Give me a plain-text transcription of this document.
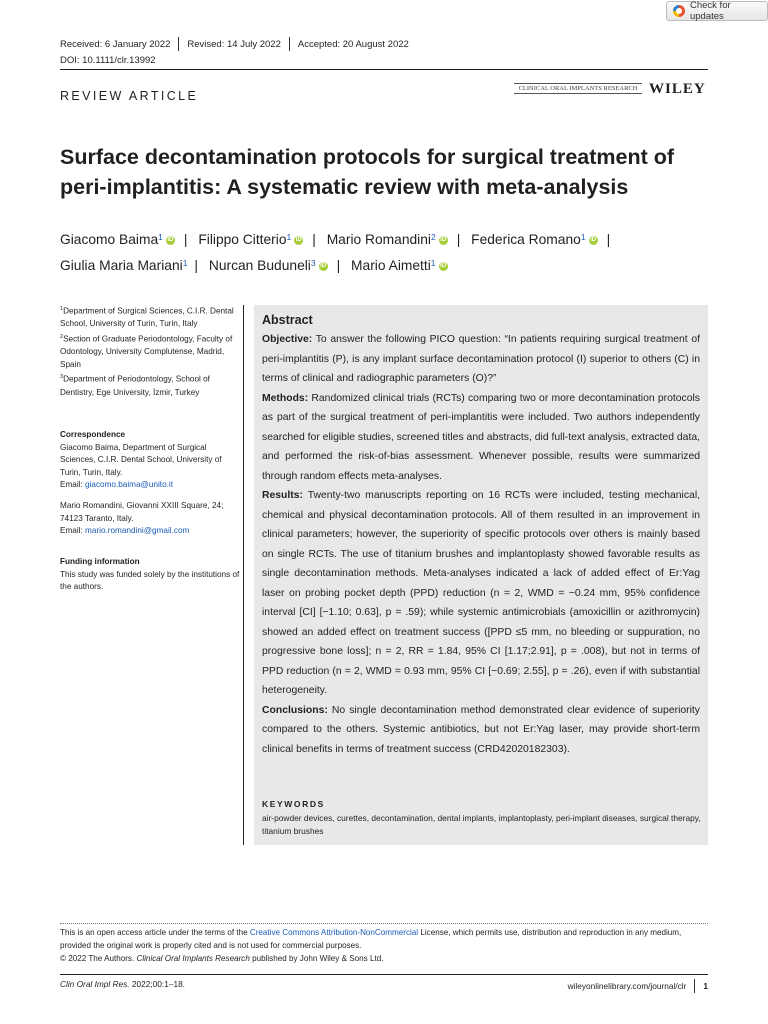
Check for updates
Received: 6 January 2022 Revised: 14 July 2022 Accepted: 20 August 2022
DOI: 10.1111/clr.13992
REVIEW ARTICLE
CLINICAL ORAL IMPLANTS RESEARCH WILEY
Surface decontamination protocols for surgical treatment of peri-implantitis: A systematic review with meta-analysis
Giacomo Baima$^1$ iD | Filippo Citterio$^1$ iD | Mario Romandini$^2$ iD | Federica Romano$^1$ iD |
Giulia Maria Mariani$^1$ | Nurcan Buduneli$^3$ iD | Mario Aimetti$^1$ iD
$^1$Department of Surgical Sciences, C.I.R. Dental School, University of Turin, Turin, Italy
$^2$Section of Graduate Periodontology, Faculty of Odontology, University Complutense, Madrid, Spain
$^3$Department of Periodontology, School of Dentistry, Ege University, İzmir, Turkey
Correspondence
Giacomo Baima, Department of Surgical Sciences, C.I.R. Dental School, University of Turin, Turin, Italy.
Email: giacomo.baima@unito.it
Mario Romandini, Giovanni XXIII Square, 24; 74123 Taranto, Italy.
Email: mario.romandini@gmail.com
Funding information
This study was funded solely by the institutions of the authors.
Abstract

Objective: To answer the following PICO question: “In patients requiring surgical treatment of peri-implantitis (P), is any implant surface decontamination protocol (I) superior to others (C) in terms of clinical and radiographic parameters (O)?”

Methods: Randomized clinical trials (RCTs) comparing two or more decontamination protocols as part of the surgical treatment of peri-implantitis were included. Two authors independently searched for eligible studies, screened titles and abstracts, did full-text analysis, extracted data, and performed the risk-of-bias assessment. Whenever possible, results were summarized through random effects meta-analyses.

Results: Twenty-two manuscripts reporting on 16 RCTs were included, testing mechanical, chemical and physical decontamination protocols. All of them resulted in an improvement in clinical parameters; however, the superiority of specific protocols over others is mainly based on single RCTs. The use of titanium brushes and implantoplasty showed favorable results as single decontamination methods. Meta-analyses indicated a lack of added effect of Er:Yag laser on probing pocket depth (PPD) reduction (n = 2, WMD = −0.24 mm, 95% confidence interval [CI] [−1.10; 0.63], p = .59); while systemic antimicrobials (amoxicillin or azithromycin) showed an added effect on treatment success ([PPD ≤5 mm, no bleeding or suppuration, no progressive bone loss]; n = 2, RR = 1.84, 95% CI [1.17;2.91], p = .008), but not in terms of PPD reduction (n = 2, WMD = 0.93 mm, 95% CI [−0.69; 2.55], p = .26), even if with substantial heterogeneity.

Conclusions: No single decontamination method demonstrated clear evidence of superiority compared to the others. Systemic antibiotics, but not Er:Yag laser, may provide short-term clinical benefits in terms of treatment success (CRD42020182303).

KEYWORDS
air-powder devices, curettes, decontamination, dental implants, implantoplasty, peri-implant diseases, surgical therapy, titanium brushes
This is an open access article under the terms of the Creative Commons Attribution-NonCommercial License, which permits use, distribution and reproduction in any medium, provided the original work is properly cited and is not used for commercial purposes.
© 2022 The Authors. Clinical Oral Implants Research published by John Wiley & Sons Ltd.
Clin Oral Impl Res. 2022;00:1–18.	wileyonlinelibrary.com/journal/clr 1
